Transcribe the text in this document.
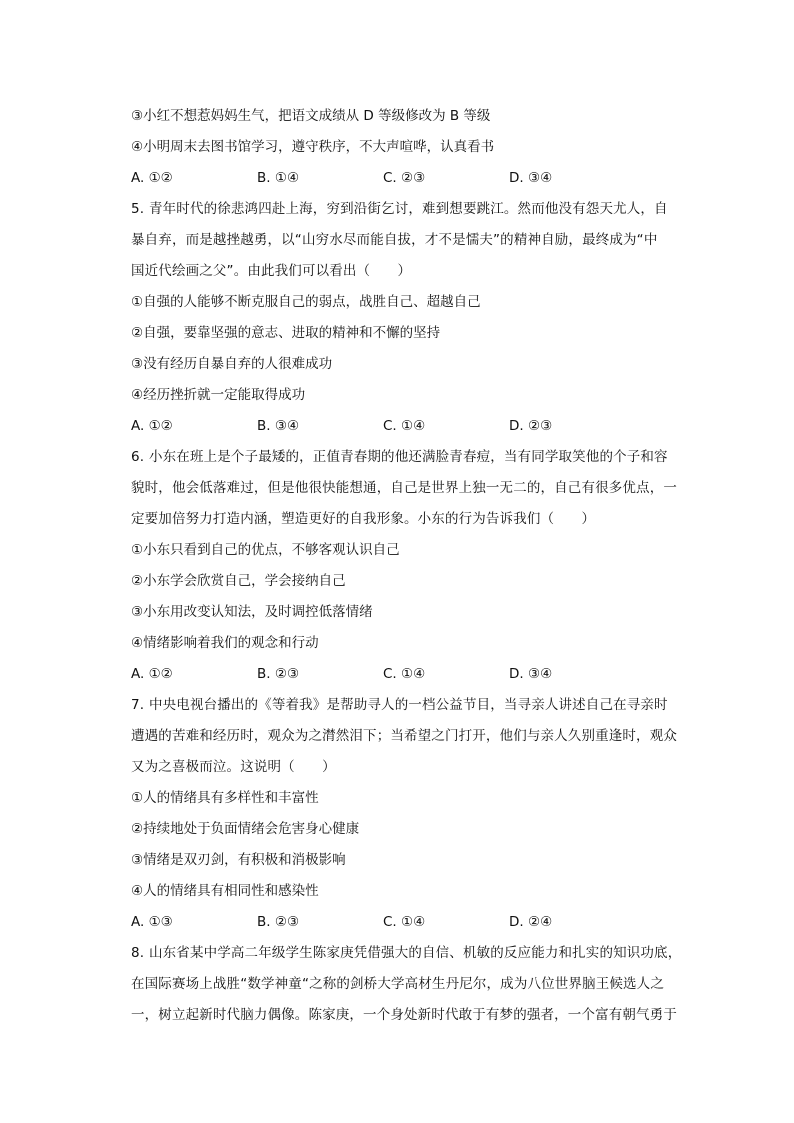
③小红不想惹妈妈生气，把语文成绩从 D 等级修改为 B 等级
④小明周末去图书馆学习，遵守秩序，不大声喧哗，认真看书
A. ①②	B. ①④	C. ②③	D. ③④
5. 青年时代的徐悲鸿四赴上海，穷到沿街乞讨，难到想要跳江。然而他没有怨天尤人，自
暴自弃，而是越挫越勇，以“山穷水尽而能自拔，才不是懦夫”的精神自励，最终成为“中
国近代绘画之父”。由此我们可以看出（　　）
①自强的人能够不断克服自己的弱点，战胜自己、超越自己
②自强，要靠坚强的意志、进取的精神和不懈的坚持
③没有经历自暴自弃的人很难成功
④经历挫折就一定能取得成功
A. ①②	B. ③④	C. ①④	D. ②③
6. 小东在班上是个子最矮的，正值青春期的他还满脸青春痘，当有同学取笑他的个子和容
貌时，他会低落难过，但是他很快能想通，自己是世界上独一无二的，自己有很多优点，一
定要加倍努力打造内涵，塑造更好的自我形象。小东的行为告诉我们（　　）
①小东只看到自己的优点，不够客观认识自己
②小东学会欣赏自己，学会接纳自己
③小东用改变认知法，及时调控低落情绪
④情绪影响着我们的观念和行动
A. ①②	B. ②③	C. ①④	D. ③④
7. 中央电视台播出的《等着我》是帮助寻人的一档公益节目，当寻亲人讲述自己在寻亲时
遭遇的苦难和经历时，观众为之潸然泪下；当希望之门打开，他们与亲人久别重逢时，观众
又为之喜极而泣。这说明（　　）
①人的情绪具有多样性和丰富性
②持续地处于负面情绪会危害身心健康
③情绪是双刃剑，有积极和消极影响
④人的情绪具有相同性和感染性
A. ①③	B. ②③	C. ①④	D. ②④
8. 山东省某中学高二年级学生陈家庚凭借强大的自信、机敏的反应能力和扎实的知识功底，
在国际赛场上战胜“数学神童“之称的剑桥大学高材生丹尼尔，成为八位世界脑王候选人之
一，树立起新时代脑力偶像。陈家庚，一个身处新时代敢于有梦的强者，一个富有朝气勇于
